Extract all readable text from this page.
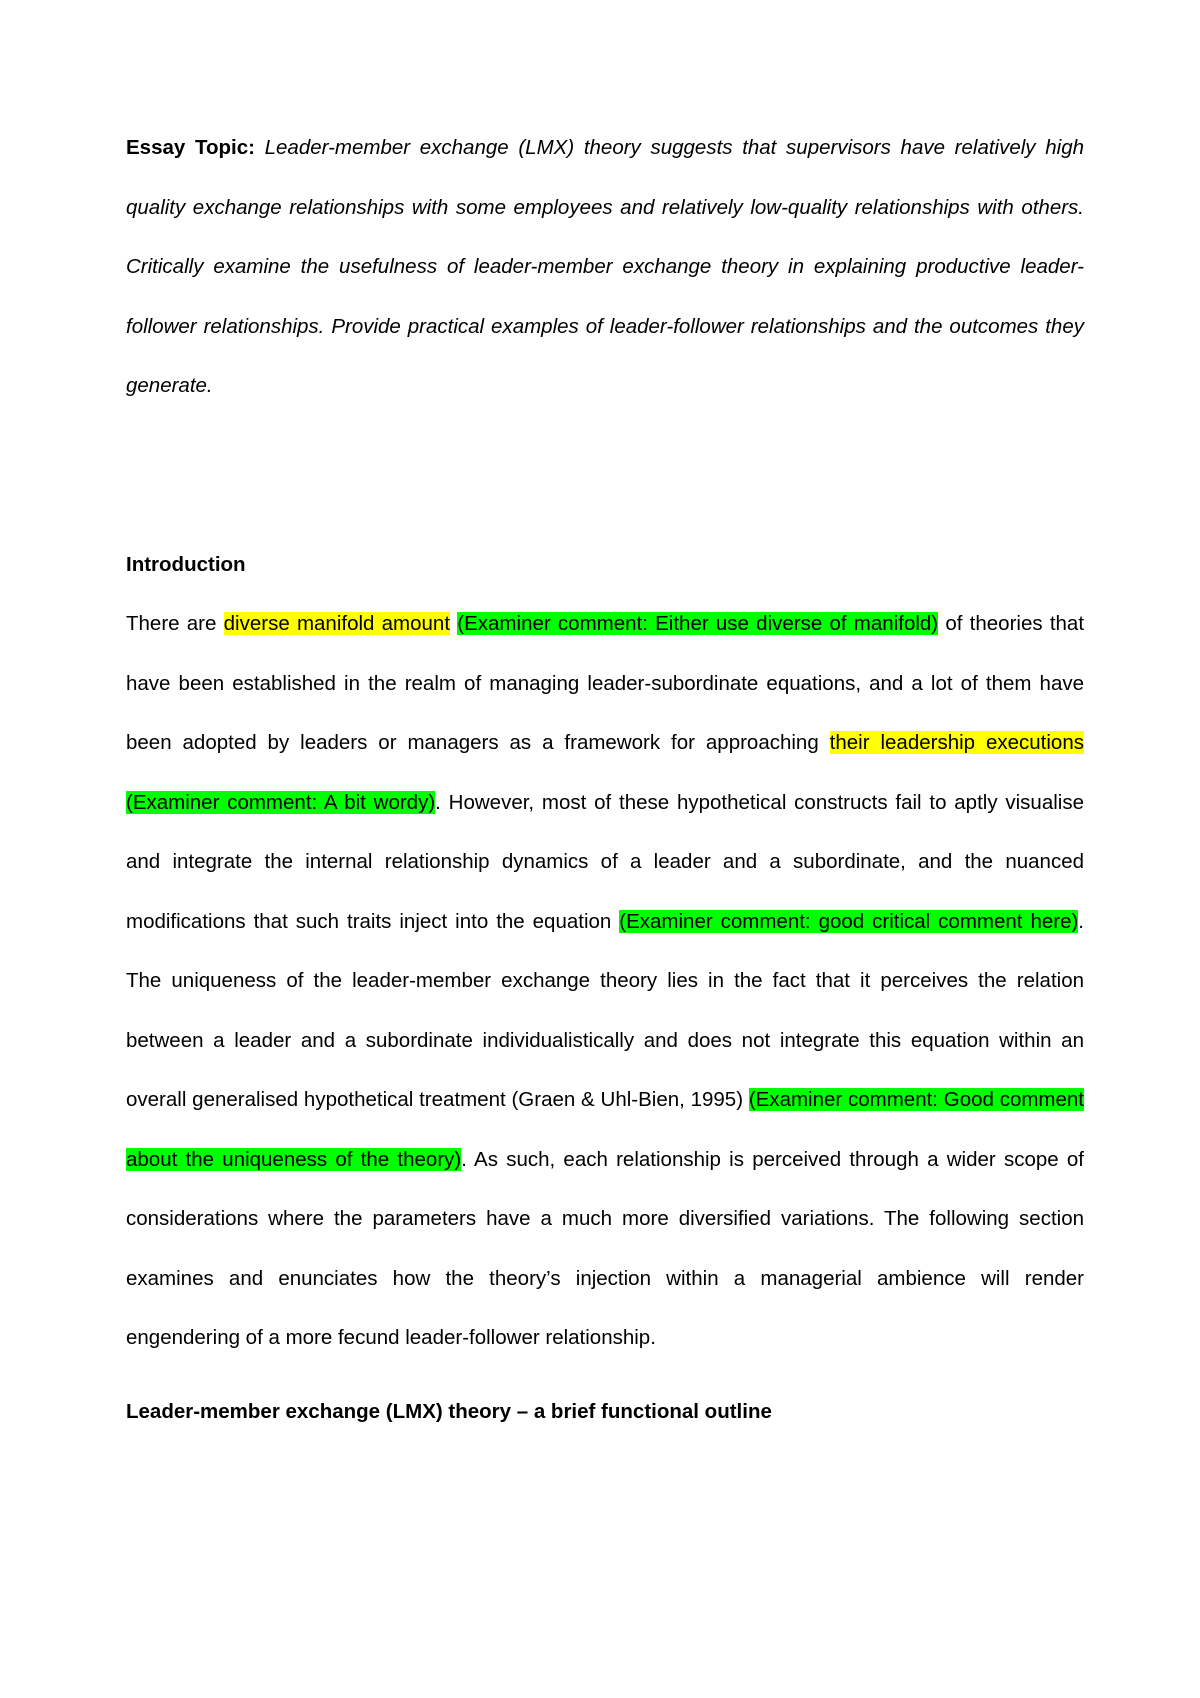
Essay Topic: Leader-member exchange (LMX) theory suggests that supervisors have relatively high quality exchange relationships with some employees and relatively low-quality relationships with others. Critically examine the usefulness of leader-member exchange theory in explaining productive leader-follower relationships. Provide practical examples of leader-follower relationships and the outcomes they generate.

Introduction

There are diverse manifold amount (Examiner comment: Either use diverse of manifold) of theories that have been established in the realm of managing leader-subordinate equations, and a lot of them have been adopted by leaders or managers as a framework for approaching their leadership executions (Examiner comment: A bit wordy). However, most of these hypothetical constructs fail to aptly visualise and integrate the internal relationship dynamics of a leader and a subordinate, and the nuanced modifications that such traits inject into the equation (Examiner comment: good critical comment here). The uniqueness of the leader-member exchange theory lies in the fact that it perceives the relation between a leader and a subordinate individualistically and does not integrate this equation within an overall generalised hypothetical treatment (Graen & Uhl-Bien, 1995) (Examiner comment: Good comment about the uniqueness of the theory). As such, each relationship is perceived through a wider scope of considerations where the parameters have a much more diversified variations. The following section examines and enunciates how the theory’s injection within a managerial ambience will render engendering of a more fecund leader-follower relationship.

Leader-member exchange (LMX) theory – a brief functional outline
